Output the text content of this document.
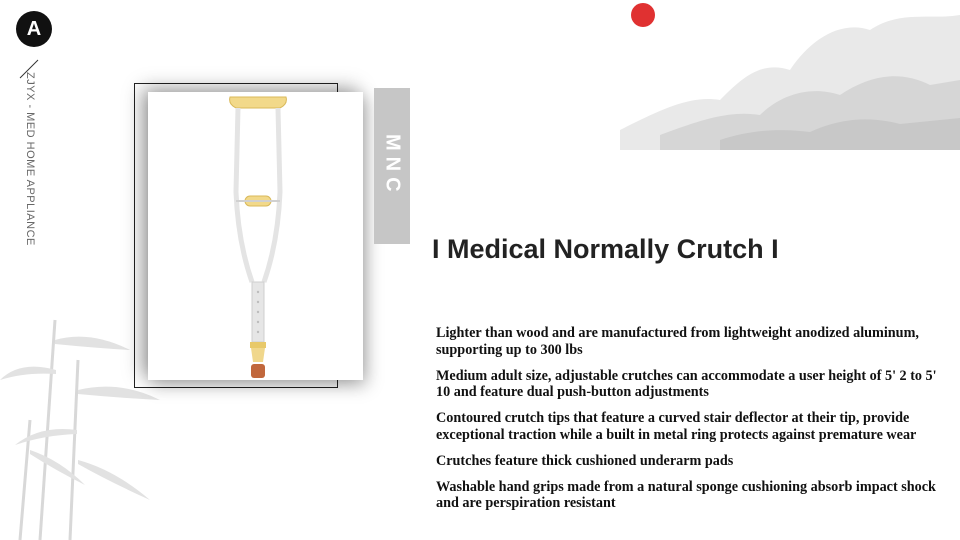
A
ZJYX - MED HOME APPLIANCE	MNC
I Medical Normally Crutch I
Lighter than wood and are manufactured from lightweight anodized aluminum, supporting up to 300 lbs
Medium adult size, adjustable crutches can accommodate a user height of 5' 2 to 5' 10 and feature dual push-button adjustments
Contoured crutch tips that feature a curved stair deflector at their tip, provide exceptional traction while a built in metal ring protects against premature wear
Crutches feature thick cushioned underarm pads
Washable hand grips made from a natural sponge cushioning absorb impact shock and are perspiration resistant
